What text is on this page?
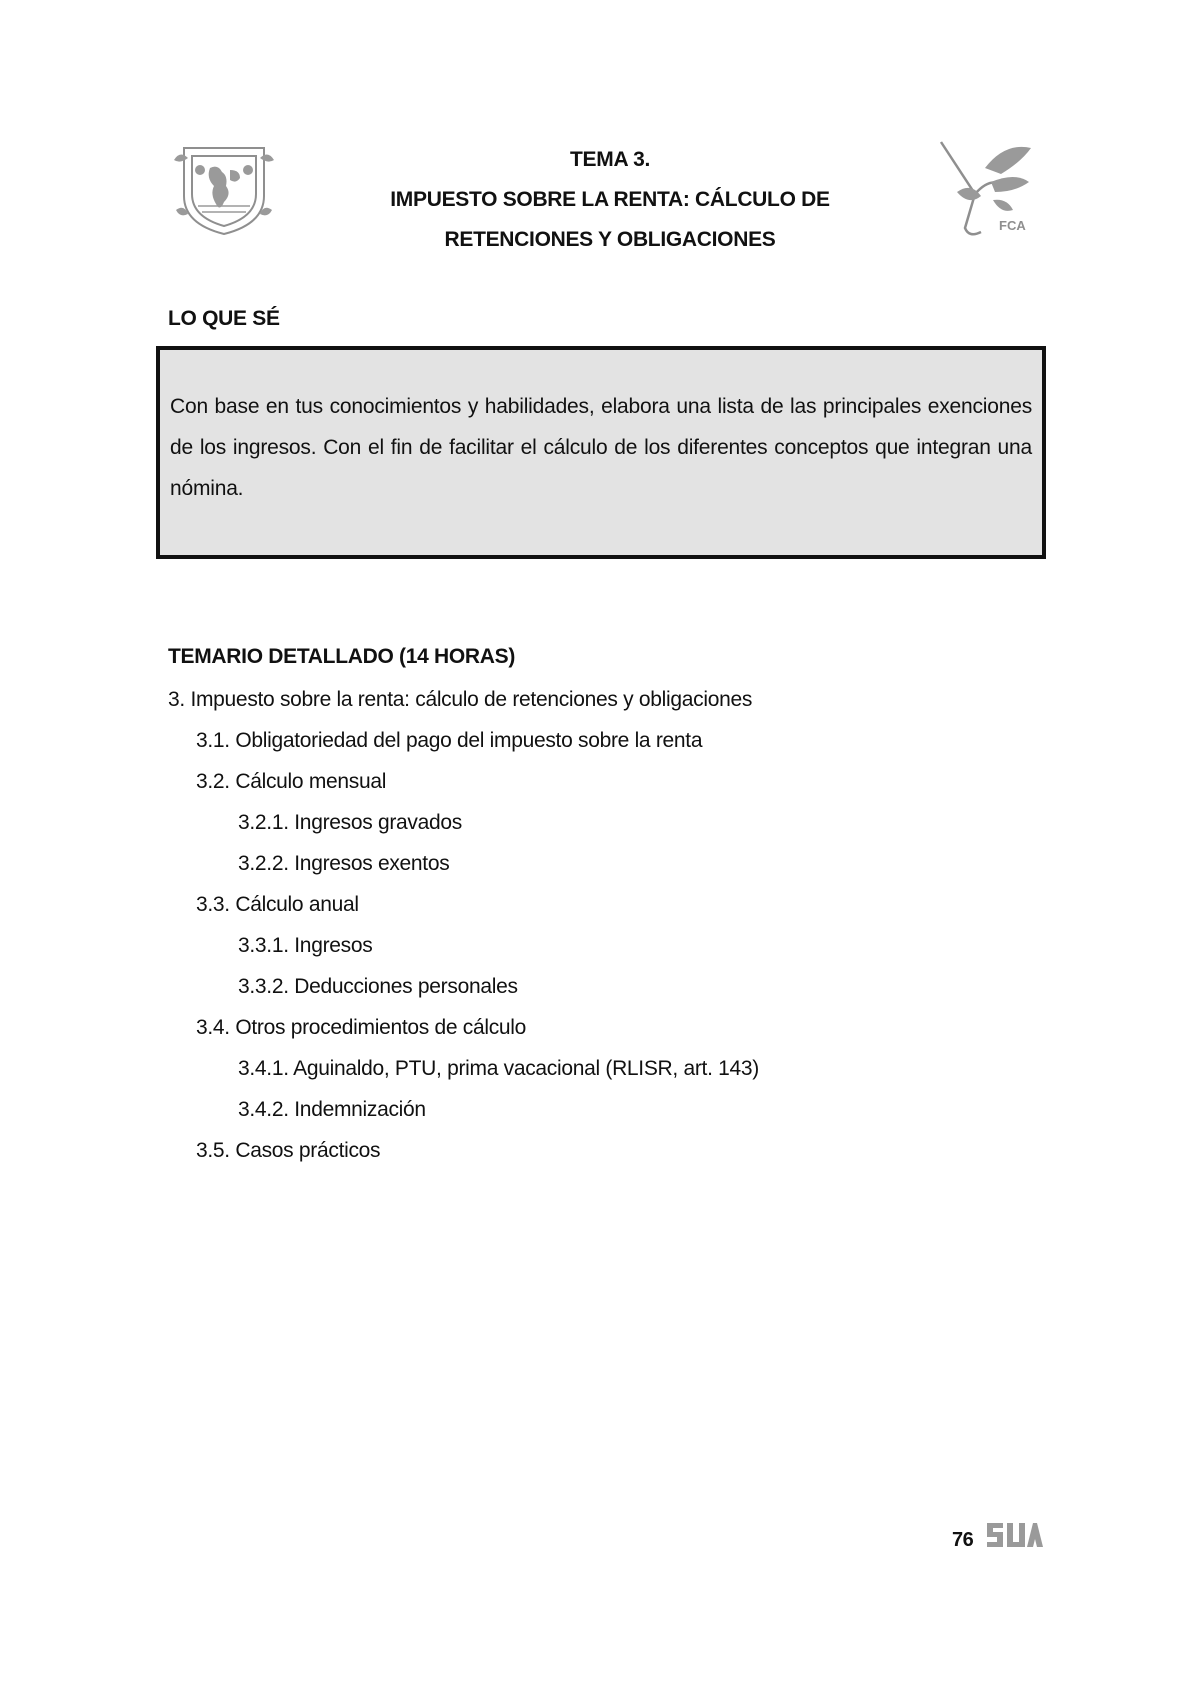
TEMA 3.
IMPUESTO SOBRE LA RENTA: CÁLCULO DE
RETENCIONES Y OBLIGACIONES
FCA
LO QUE SÉ
Con base en tus conocimientos y habilidades, elabora una lista de las principales exenciones de los ingresos. Con el fin de facilitar el cálculo de los diferentes conceptos que integran una nómina.
TEMARIO DETALLADO (14 HORAS)
3. Impuesto sobre la renta: cálculo de retenciones y obligaciones
3.1. Obligatoriedad del pago del impuesto sobre la renta
3.2. Cálculo mensual
3.2.1. Ingresos gravados
3.2.2. Ingresos exentos
3.3. Cálculo anual
3.3.1. Ingresos
3.3.2. Deducciones personales
3.4. Otros procedimientos de cálculo
3.4.1. Aguinaldo, PTU, prima vacacional (RLISR, art. 143)
3.4.2. Indemnización
3.5. Casos prácticos
76
